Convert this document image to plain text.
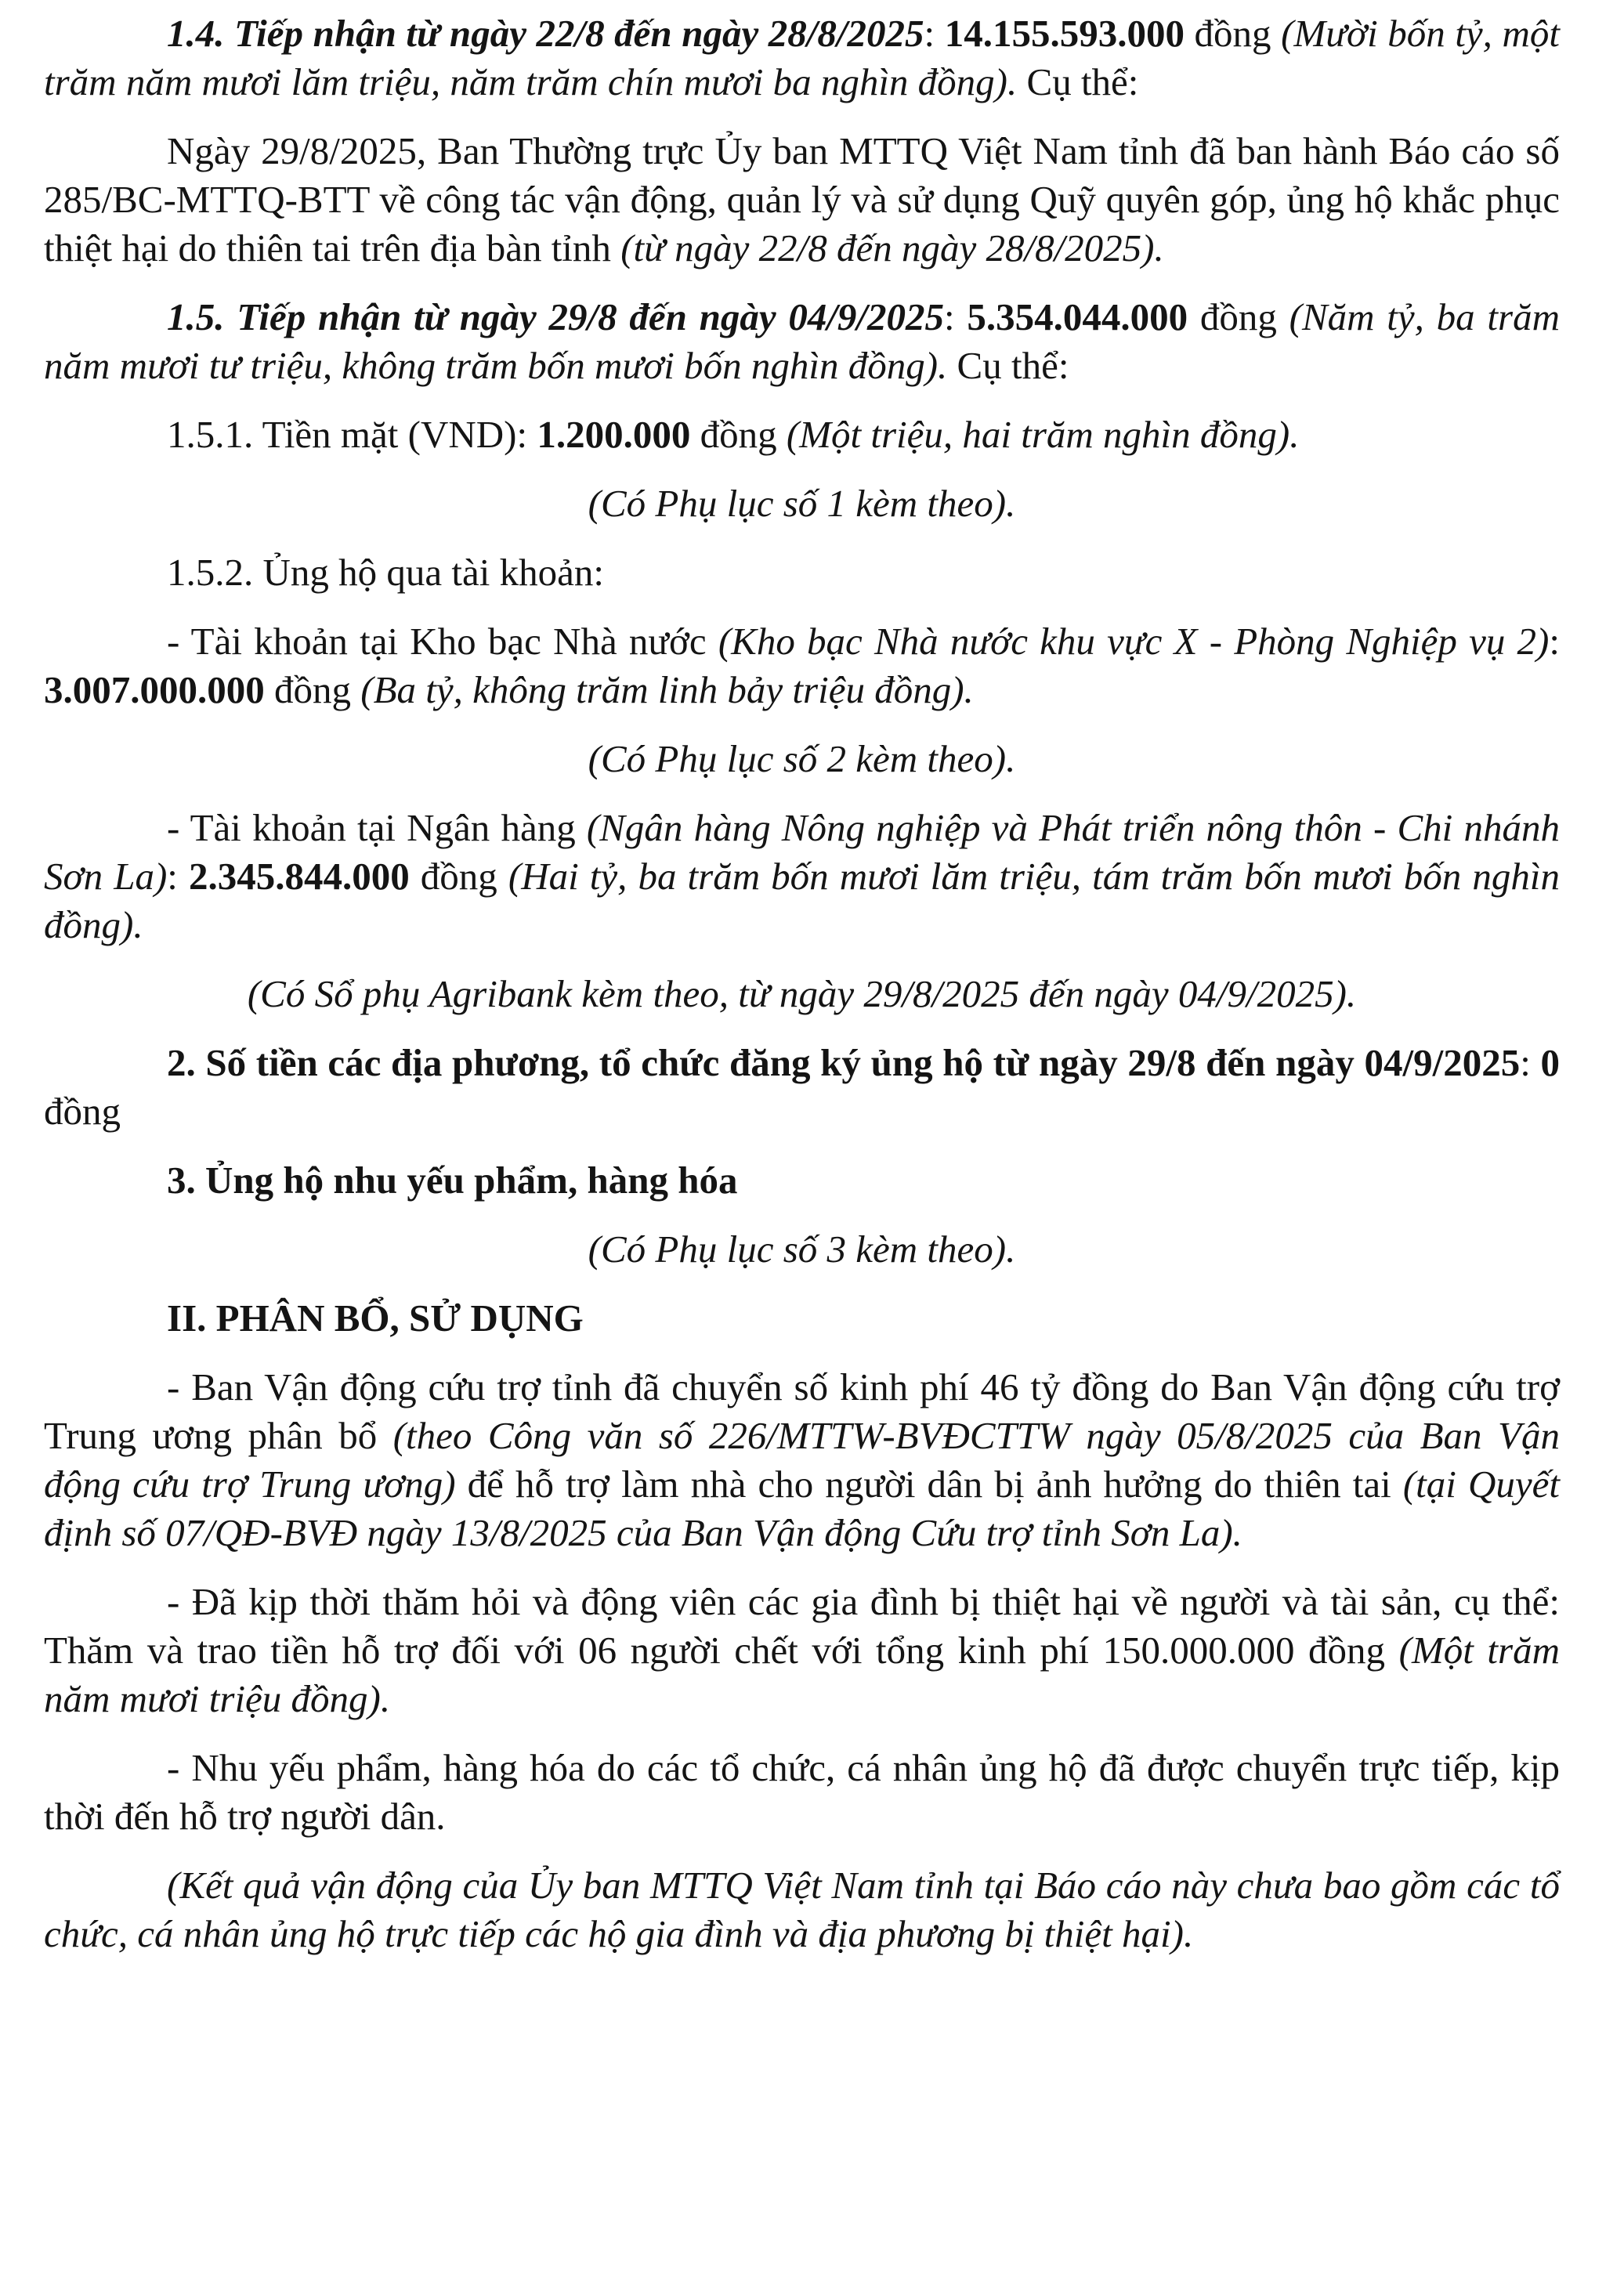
1.4. Tiếp nhận từ ngày 22/8 đến ngày 28/8/2025: 14.155.593.000 đồng (Mười bốn tỷ, một trăm năm mươi lăm triệu, năm trăm chín mươi ba nghìn đồng). Cụ thể:

Ngày 29/8/2025, Ban Thường trực Ủy ban MTTQ Việt Nam tỉnh đã ban hành Báo cáo số 285/BC-MTTQ-BTT về công tác vận động, quản lý và sử dụng Quỹ quyên góp, ủng hộ khắc phục thiệt hại do thiên tai trên địa bàn tỉnh (từ ngày 22/8 đến ngày 28/8/2025).

1.5. Tiếp nhận từ ngày 29/8 đến ngày 04/9/2025: 5.354.044.000 đồng (Năm tỷ, ba trăm năm mươi tư triệu, không trăm bốn mươi bốn nghìn đồng). Cụ thể:

1.5.1. Tiền mặt (VND): 1.200.000 đồng (Một triệu, hai trăm nghìn đồng).

(Có Phụ lục số 1 kèm theo).

1.5.2. Ủng hộ qua tài khoản:

- Tài khoản tại Kho bạc Nhà nước (Kho bạc Nhà nước khu vực X - Phòng Nghiệp vụ 2): 3.007.000.000 đồng (Ba tỷ, không trăm linh bảy triệu đồng).

(Có Phụ lục số 2 kèm theo).

- Tài khoản tại Ngân hàng (Ngân hàng Nông nghiệp và Phát triển nông thôn - Chi nhánh Sơn La): 2.345.844.000 đồng (Hai tỷ, ba trăm bốn mươi lăm triệu, tám trăm bốn mươi bốn nghìn đồng).

(Có Sổ phụ Agribank kèm theo, từ ngày 29/8/2025 đến ngày 04/9/2025).

2. Số tiền các địa phương, tổ chức đăng ký ủng hộ từ ngày 29/8 đến ngày 04/9/2025: 0 đồng

3. Ủng hộ nhu yếu phẩm, hàng hóa

(Có Phụ lục số 3 kèm theo).

II. PHÂN BỔ, SỬ DỤNG

- Ban Vận động cứu trợ tỉnh đã chuyển số kinh phí 46 tỷ đồng do Ban Vận động cứu trợ Trung ương phân bổ (theo Công văn số 226/MTTW-BVĐCTTW ngày 05/8/2025 của Ban Vận động cứu trợ Trung ương) để hỗ trợ làm nhà cho người dân bị ảnh hưởng do thiên tai (tại Quyết định số 07/QĐ-BVĐ ngày 13/8/2025 của Ban Vận động Cứu trợ tỉnh Sơn La).

- Đã kịp thời thăm hỏi và động viên các gia đình bị thiệt hại về người và tài sản, cụ thể: Thăm và trao tiền hỗ trợ đối với 06 người chết với tổng kinh phí 150.000.000 đồng (Một trăm năm mươi triệu đồng).

- Nhu yếu phẩm, hàng hóa do các tổ chức, cá nhân ủng hộ đã được chuyển trực tiếp, kịp thời đến hỗ trợ người dân.

(Kết quả vận động của Ủy ban MTTQ Việt Nam tỉnh tại Báo cáo này chưa bao gồm các tổ chức, cá nhân ủng hộ trực tiếp các hộ gia đình và địa phương bị thiệt hại).
